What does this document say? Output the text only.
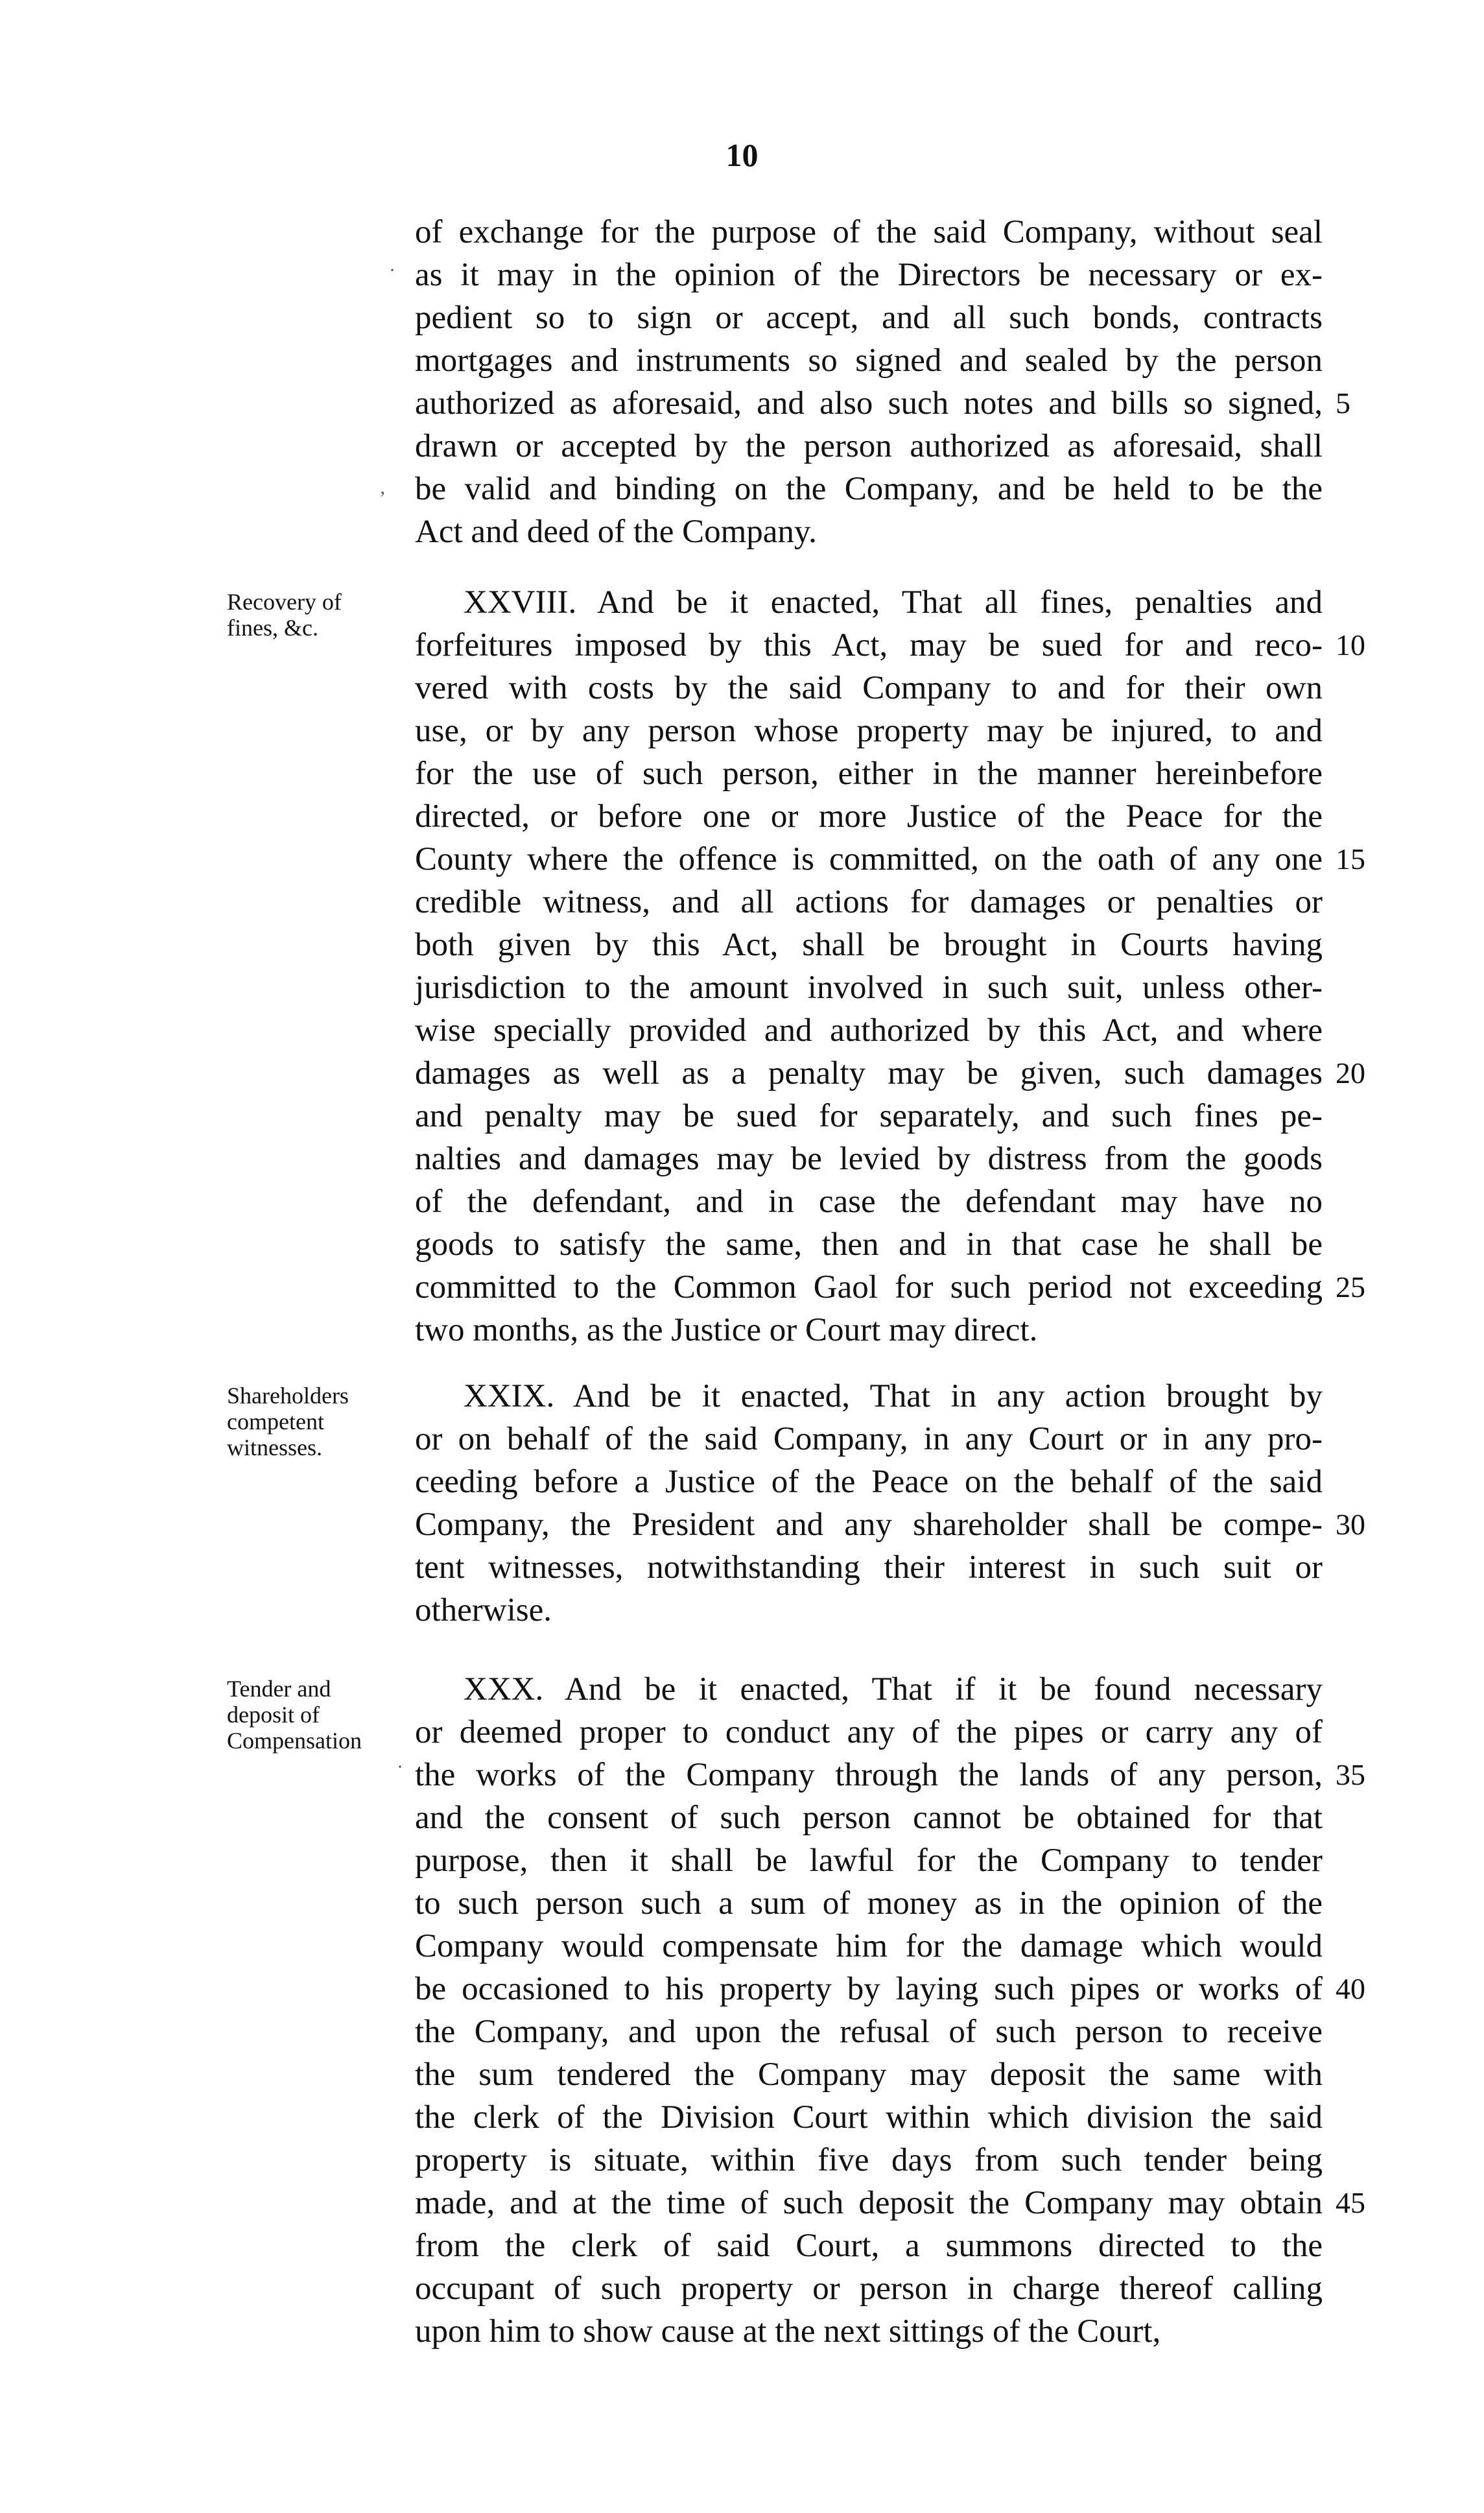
10
of exchange for the purpose of the said Company, without seal
as it may in the opinion of the Directors be necessary or ex-
pedient so to sign or accept, and all such bonds, contracts
mortgages and instruments so signed and sealed by the person
authorized as aforesaid, and also such notes and bills so signed, 5
drawn or accepted by the person authorized as aforesaid, shall
be valid and binding on the Company, and be held to be the
Act and deed of the Company.
Recovery of
fines, &c.
XXVIII. And be it enacted, That all fines, penalties and
forfeitures imposed by this Act, may be sued for and reco- 10
vered with costs by the said Company to and for their own
use, or by any person whose property may be injured, to and
for the use of such person, either in the manner hereinbefore
directed, or before one or more Justice of the Peace for the
County where the offence is committed, on the oath of any one 15
credible witness, and all actions for damages or penalties or
both given by this Act, shall be brought in Courts having
jurisdiction to the amount involved in such suit, unless other-
wise specially provided and authorized by this Act, and where
damages as well as a penalty may be given, such damages 20
and penalty may be sued for separately, and such fines pe-
nalties and damages may be levied by distress from the goods
of the defendant, and in case the defendant may have no
goods to satisfy the same, then and in that case he shall be
committed to the Common Gaol for such period not exceeding 25
two months, as the Justice or Court may direct.
Shareholders
competent
witnesses.
XXIX. And be it enacted, That in any action brought by
or on behalf of the said Company, in any Court or in any pro-
ceeding before a Justice of the Peace on the behalf of the said
Company, the President and any shareholder shall be compe- 30
tent witnesses, notwithstanding their interest in such suit or
otherwise.
Tender and
deposit of
Compensation
XXX. And be it enacted, That if it be found necessary
or deemed proper to conduct any of the pipes or carry any of
the works of the Company through the lands of any person, 35
and the consent of such person cannot be obtained for that
purpose, then it shall be lawful for the Company to tender
to such person such a sum of money as in the opinion of the
Company would compensate him for the damage which would
be occasioned to his property by laying such pipes or works of 40
the Company, and upon the refusal of such person to receive
the sum tendered the Company may deposit the same with
the clerk of the Division Court within which division the said
property is situate, within five days from such tender being
made, and at the time of such deposit the Company may obtain 45
from the clerk of said Court, a summons directed to the
occupant of such property or person in charge thereof calling
upon him to show cause at the next sittings of the Court,
·
‚
·
